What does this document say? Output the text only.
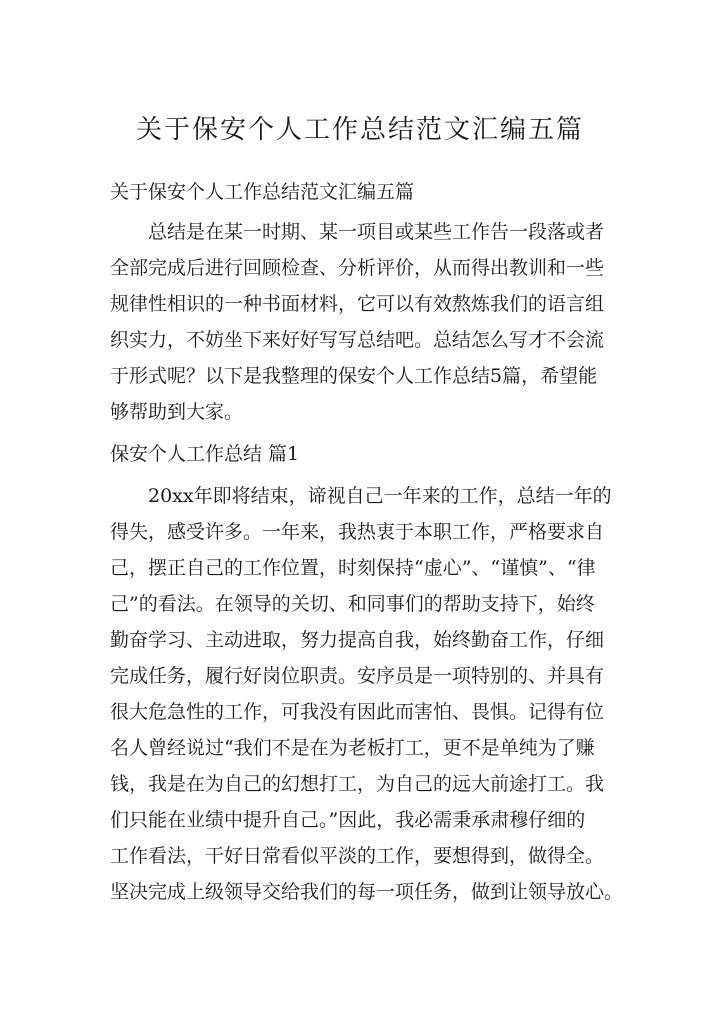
关于保安个人工作总结范文汇编五篇
关于保安个人工作总结范文汇编五篇
总结是在某一时期、某一项目或某些工作告一段落或者
全部完成后进行回顾检查、分析评价，从而得出教训和一些
规律性相识的一种书面材料，它可以有效熬炼我们的语言组
织实力，不妨坐下来好好写写总结吧。总结怎么写才不会流
于形式呢？以下是我整理的保安个人工作总结5篇，希望能
够帮助到大家。
保安个人工作总结 篇1
20xx年即将结束，谛视自己一年来的工作，总结一年的
得失，感受许多。一年来，我热衷于本职工作，严格要求自
己，摆正自己的工作位置，时刻保持“虚心”、“谨慎”、“律
己”的看法。在领导的关切、和同事们的帮助支持下，始终
勤奋学习、主动进取，努力提高自我，始终勤奋工作，仔细
完成任务，履行好岗位职责。安序员是一项特别的、并具有
很大危急性的工作，可我没有因此而害怕、畏惧。记得有位
名人曾经说过“我们不是在为老板打工，更不是单纯为了赚
钱，我是在为自己的幻想打工，为自己的远大前途打工。我
们只能在业绩中提升自己。”因此，我必需秉承肃穆仔细的
工作看法，干好日常看似平淡的工作，要想得到，做得全。
坚决完成上级领导交给我们的每一项任务，做到让领导放心。
